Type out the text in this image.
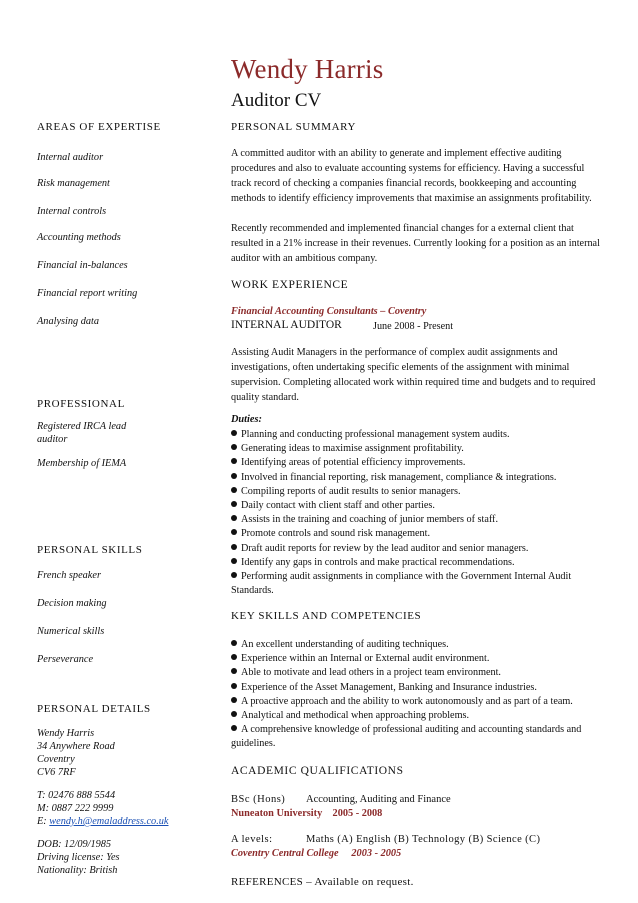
Wendy Harris
Auditor CV
AREAS OF EXPERTISE
Internal auditor
Risk management
Internal controls
Accounting methods
Financial in-balances
Financial report writing
Analysing data
PROFESSIONAL
Registered IRCA lead auditor
Membership of IEMA
PERSONAL SKILLS
French speaker
Decision making
Numerical skills
Perseverance
PERSONAL DETAILS
Wendy Harris
34 Anywhere Road
Coventry
CV6 7RF
T: 02476 888 5544
M: 0887 222 9999
E: wendy.h@emaladdress.co.uk
DOB: 12/09/1985
Driving license: Yes
Nationality: British
PERSONAL SUMMARY
A committed auditor with an ability to generate and implement effective auditing procedures and also to evaluate accounting systems for efficiency. Having a successful track record of checking a companies financial records, bookkeeping and accounting methods to identify efficiency improvements that maximise an assignments profitability.
Recently recommended and implemented financial changes for a external client that resulted in a 21% increase in their revenues. Currently looking for a position as an internal auditor with an ambitious company.
WORK EXPERIENCE
Financial Accounting Consultants – Coventry
INTERNAL AUDITOR	June 2008 - Present
Assisting Audit Managers in the performance of complex audit assignments and investigations, often undertaking specific elements of the assignment with minimal supervision. Completing allocated work within required time and budgets and to required quality standard.
Duties:
Planning and conducting professional management system audits.
Generating ideas to maximise assignment profitability.
Identifying areas of potential efficiency improvements.
Involved in financial reporting, risk management, compliance & integrations.
Compiling reports of audit results to senior managers.
Daily contact with client staff and other parties.
Assists in the training and coaching of junior members of staff.
Promote controls and sound risk management.
Draft audit reports for review by the lead auditor and senior managers.
Identify any gaps in controls and make practical recommendations.
Performing audit assignments in compliance with the Government Internal Audit Standards.
KEY SKILLS AND COMPETENCIES
An excellent understanding of auditing techniques.
Experience within an Internal or External audit environment.
Able to motivate and lead others in a project team environment.
Experience of the Asset Management, Banking and Insurance industries.
A proactive approach and the ability to work autonomously and as part of a team.
Analytical and methodical when approaching problems.
A comprehensive knowledge of professional auditing and accounting standards and guidelines.
ACADEMIC QUALIFICATIONS
BSc (Hons) Accounting, Auditing and Finance
Nuneaton University    2005 - 2008
A levels:	Maths (A) English (B) Technology (B) Science (C)
Coventry Central College     2003 - 2005
REFERENCES – Available on request.
